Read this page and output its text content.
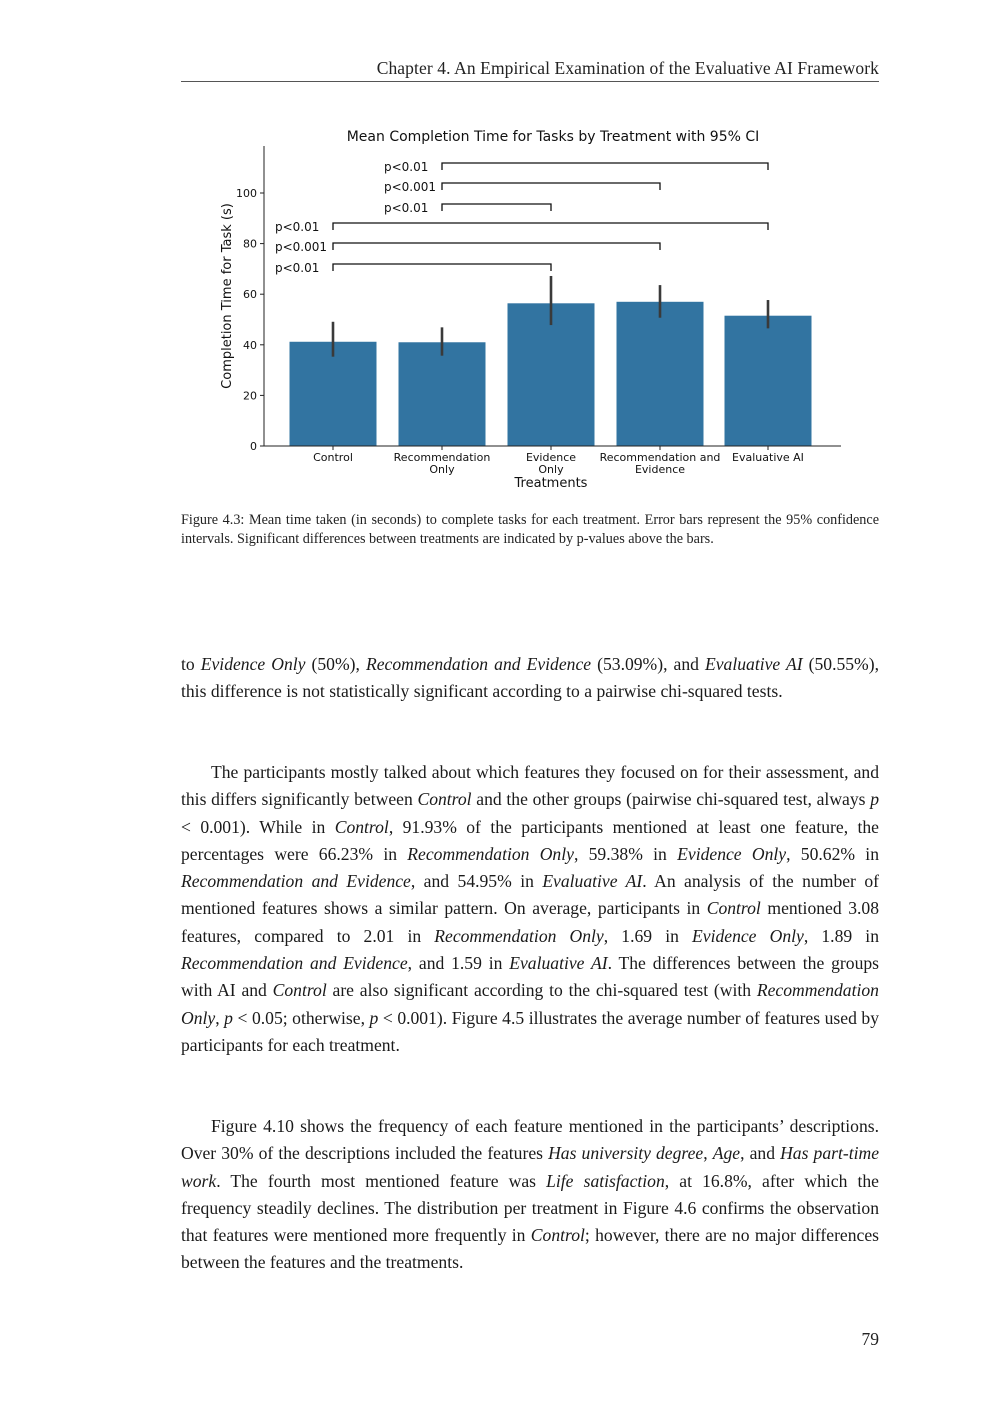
Chapter 4. An Empirical Examination of the Evaluative AI Framework
Mean Completion Time for Tasks by Treatment with 95% CI
0
20
40
60
80
100
Completion Time for Task (s)
Control	Recommendation
Only
Evidence
Only
Recommendation and
Evidence
Evaluative AI
Treatments
p<0.01
p<0.001
p<0.01
p<0.01
p<0.001
p<0.01
Figure 4.3: Mean time taken (in seconds) to complete tasks for each treatment. Error bars represent the 95% confidence intervals. Significant differences between treatments are indicated by p-values above the bars.

to Evidence Only (50%), Recommendation and Evidence (53.09%), and Evaluative AI (50.55%), this difference is not statistically significant according to a pairwise chi-squared tests.

The participants mostly talked about which features they focused on for their assessment, and this differs significantly between Control and the other groups (pairwise chi-squared test, always p < 0.001). While in Control, 91.93% of the participants mentioned at least one feature, the percentages were 66.23% in Recommendation Only, 59.38% in Evidence Only, 50.62% in Recommendation and Evidence, and 54.95% in Evaluative AI. An analysis of the number of mentioned features shows a similar pattern. On average, participants in Control mentioned 3.08 features, compared to 2.01 in Recommendation Only, 1.69 in Evidence Only, 1.89 in Recommendation and Evidence, and 1.59 in Evaluative AI. The differences between the groups with AI and Control are also significant according to the chi-squared test (with Recommendation Only, p < 0.05; otherwise, p < 0.001). Figure 4.5 illustrates the average number of features used by participants for each treatment.

Figure 4.10 shows the frequency of each feature mentioned in the participants’ descriptions. Over 30% of the descriptions included the features Has university degree, Age, and Has part-time work. The fourth most mentioned feature was Life satisfaction, at 16.8%, after which the frequency steadily declines. The distribution per treatment in Figure 4.6 confirms the observation that features were mentioned more frequently in Control; however, there are no major differences between the features and the treatments.

79
